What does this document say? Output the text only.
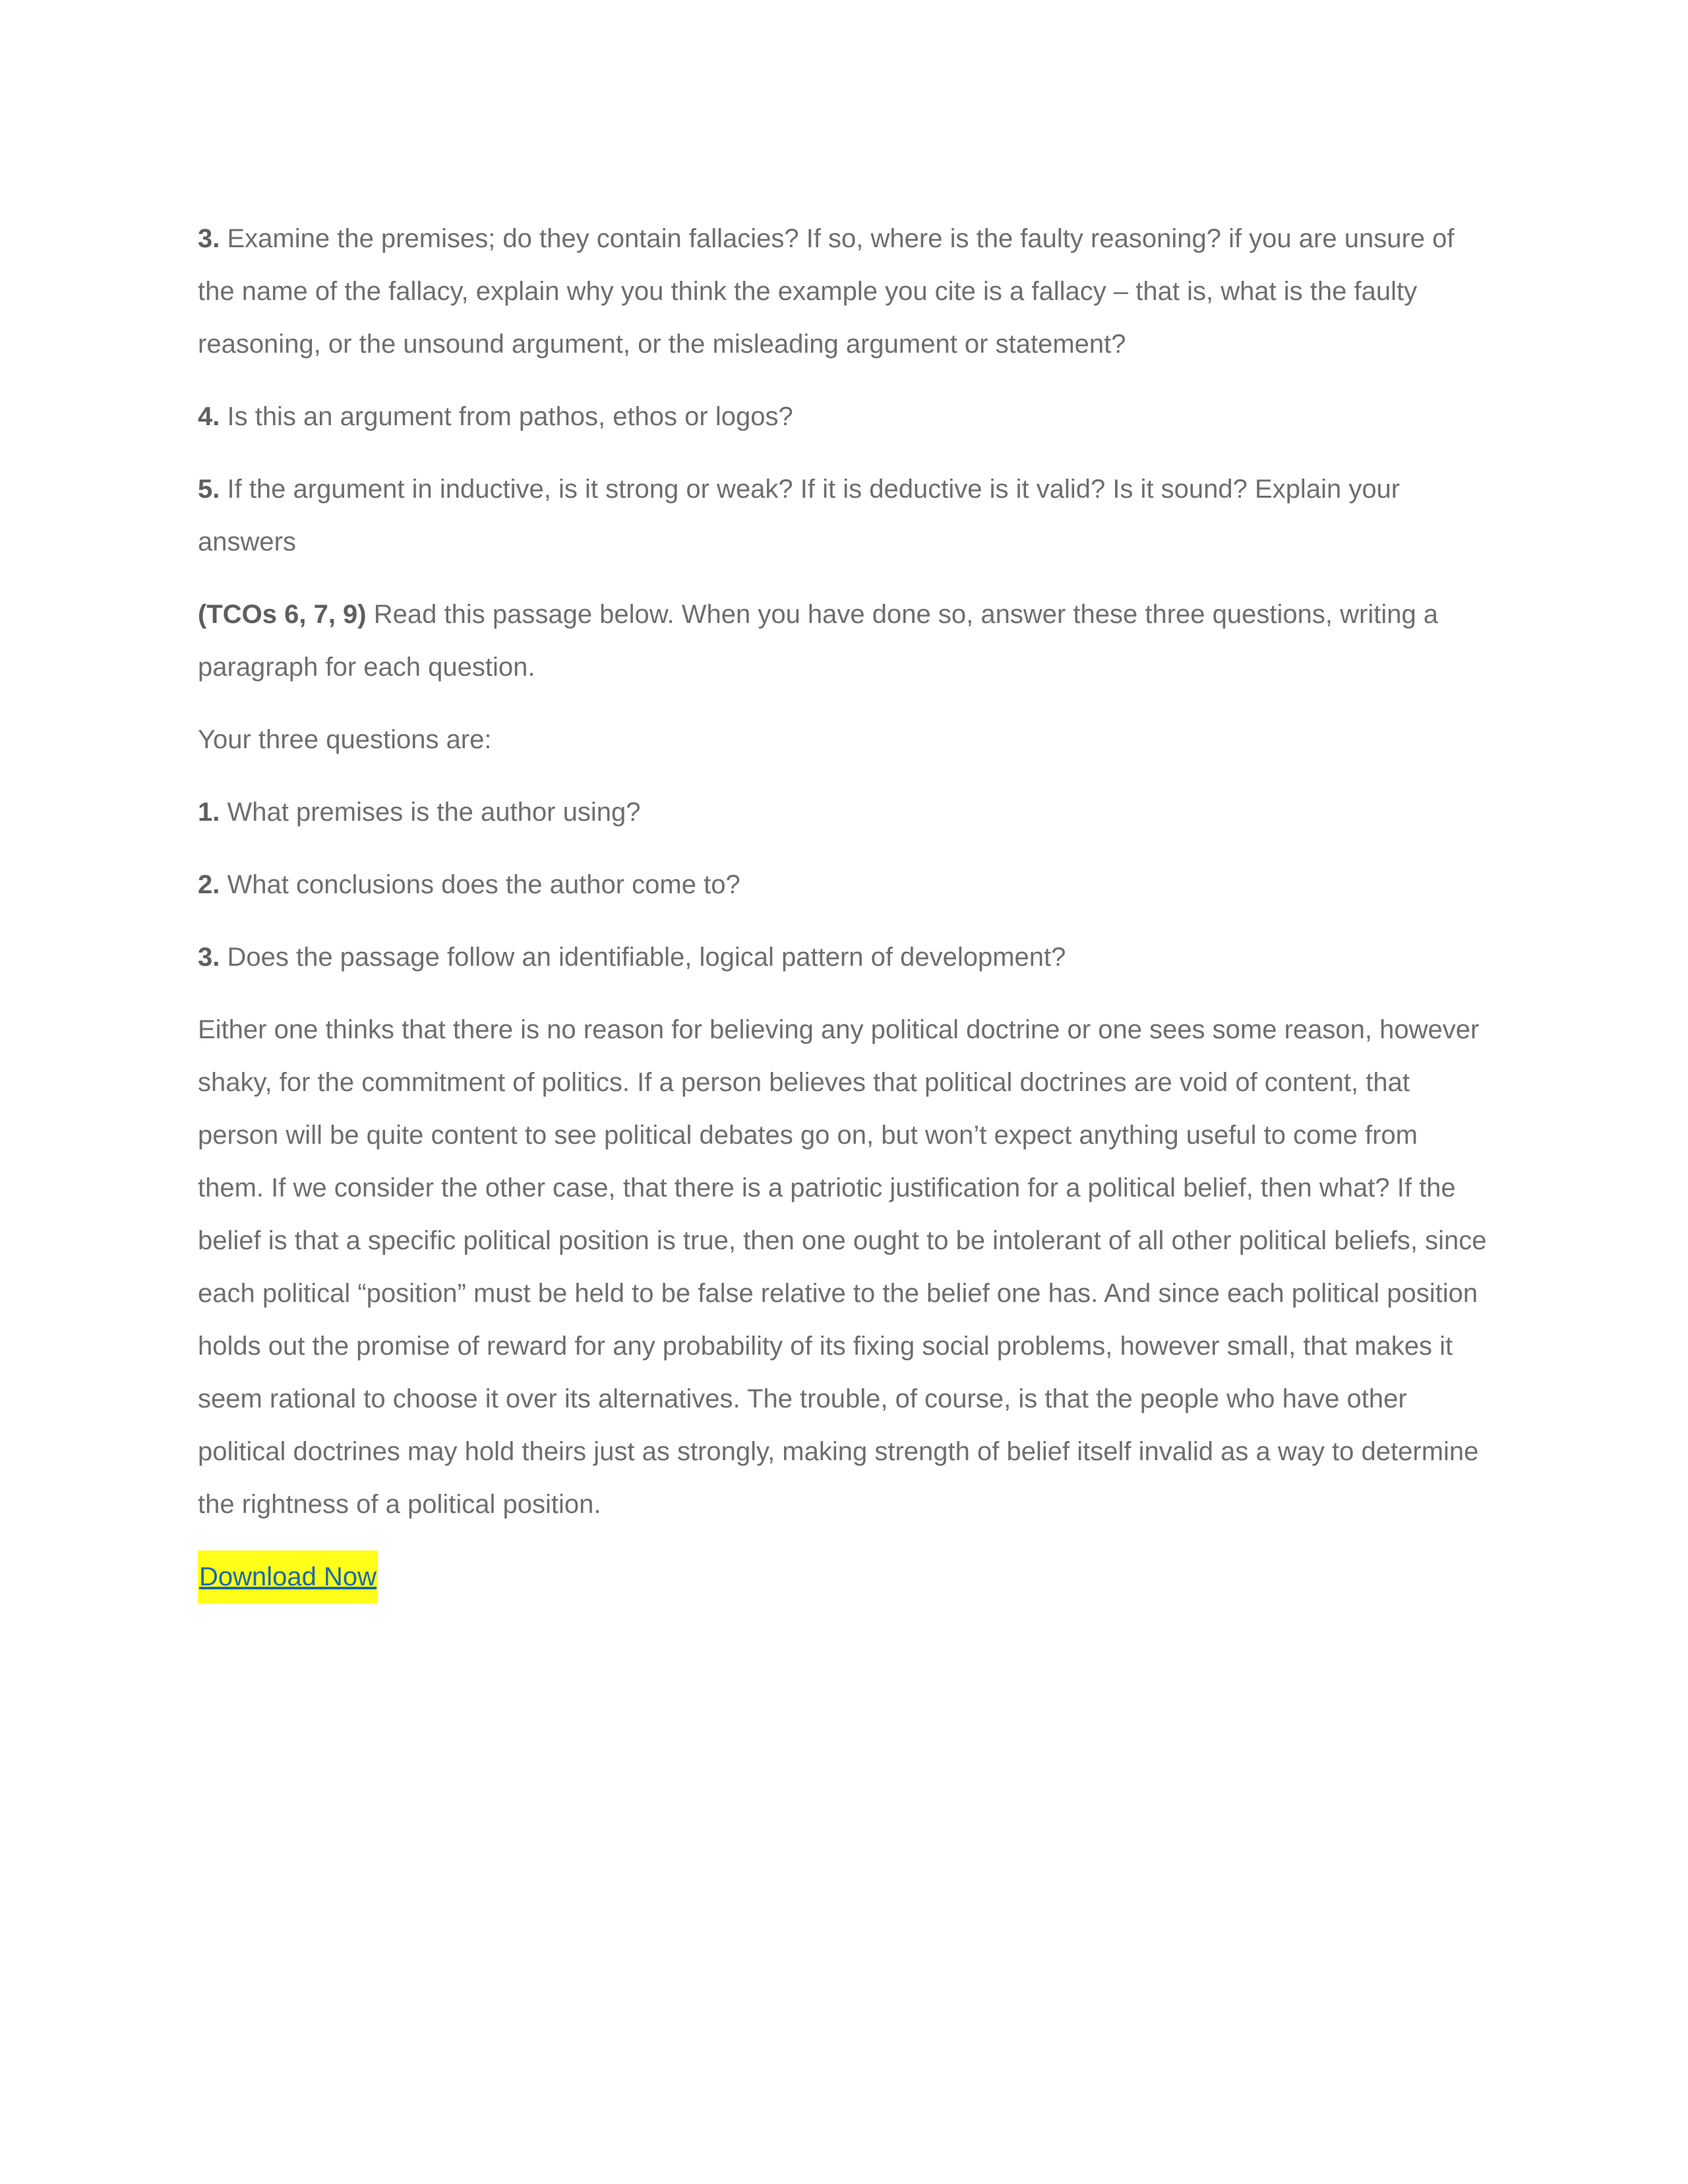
3. Examine the premises; do they contain fallacies? If so, where is the faulty reasoning? if you are unsure of the name of the fallacy, explain why you think the example you cite is a fallacy – that is, what is the faulty reasoning, or the unsound argument, or the misleading argument or statement?

4. Is this an argument from pathos, ethos or logos?

5. If the argument in inductive, is it strong or weak? If it is deductive is it valid? Is it sound? Explain your answers

(TCOs 6, 7, 9) Read this passage below. When you have done so, answer these three questions, writing a paragraph for each question.

Your three questions are:

1. What premises is the author using?

2. What conclusions does the author come to?

3. Does the passage follow an identifiable, logical pattern of development?

Either one thinks that there is no reason for believing any political doctrine or one sees some reason, however shaky, for the commitment of politics. If a person believes that political doctrines are void of content, that person will be quite content to see political debates go on, but won’t expect anything useful to come from them. If we consider the other case, that there is a patriotic justification for a political belief, then what? If the belief is that a specific political position is true, then one ought to be intolerant of all other political beliefs, since each political “position” must be held to be false relative to the belief one has. And since each political position holds out the promise of reward for any probability of its fixing social problems, however small, that makes it seem rational to choose it over its alternatives. The trouble, of course, is that the people who have other political doctrines may hold theirs just as strongly, making strength of belief itself invalid as a way to determine the rightness of a political position.

Download Now
